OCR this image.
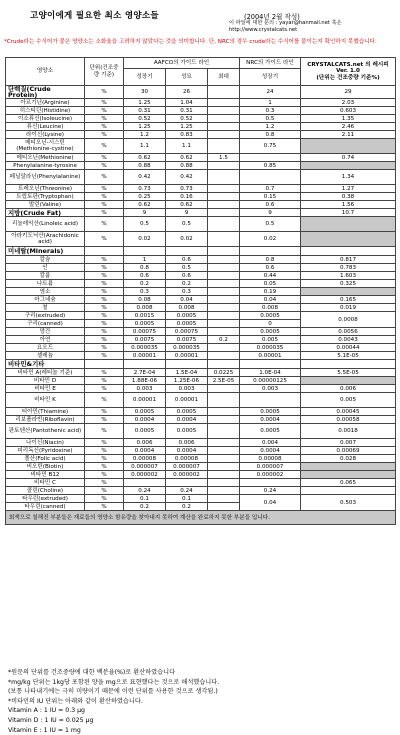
고양이에게 필요한 최소 영양소들	(2004년 2월 작성)
이 파일에 대한 문의 : yayar@hanmail.net 혹은
http://www.crystalcats.net
*Crude라는 수식어가 붙은 영양소는 소화율을 고려하지 않았다는 것을 의미합니다. 단, NRC의 경우 crude라는 수식어를 붙이는지 확인하지 못했습니다.
영양소	단위(건조중량 기준)	AAFCO의 가이드 라인			NRC의 가이드 라인	CRYSTALCATS.net 의 레시피 Ver. 1.0
(단위는 건조중량 기준%)
		성장기	성묘	최대	성장기	
단백질(Crude Protein)	%	30	26		24	29
아르기닌(Arginine)	%	1.25	1.04		1	2.03
히스티딘(Histidine)	%	0.31	0.31		0.3	0.603
이소류신(Isoleucine)	%	0.52	0.52		0.5	1.35
류신(Leucine)	%	1.25	1.25		1.2	2.46
라이신(Lysine)	%	1.2	0.83		0.8	2.11
메티오닌-시스틴(Methionine-cystine)	%	1.1	1.1		0.75	
메티오닌(Methionine)	%	0.62	0.62	1.5		0.74
Phenylalanine-tyrosine	%	0.88	0.88		0.85	
페닐알라닌(Phenylalanine)	%	0.42	0.42			1.34
트레오닌(Threonine)	%	0.73	0.73		0.7	1.27
트립토판(Tryptophan)	%	0.25	0.16		0.15	0.38
발린(Valine)	%	0.62	0.62		0.6	1.56
지방(Crude Fat)	%	9	9		9	10.7
리놀레익산(Linoleic acid)	%	0.5	0.5		0.5	
아라키도닉산(Arachidonic acid)	%	0.02	0.02		0.02	
미네랄(Minerals)						
칼슘	%	1	0.6		0.8	0.817
인	%	0.8	0.5		0.6	0.783
칼륨	%	0.6	0.6		0.44	1.603
나트륨	%	0.2	0.2		0.05	0.325
염소	%	0.3	0.3		0.19	
마그네슘	%	0.08	0.04		0.04	0.165
철	%	0.008	0.008		0.008	0.019
구리(extruded)	%	0.0015	0.0005		0.0005	0.0008
구리(canned)	%	0.0005	0.0005		0	
망간	%	0.00075	0.00075		0.0005	0.0056
아연	%	0.0075	0.0075	0.2	0.005	0.0043
요오드	%	0.000035	0.000035		0.000035	0.00044
셀레늄	%	0.00001	0.00001		0.00001	5.1E-05
비타민&기타						
비타민 A(레티놀 기준)	%	2.7E-04	1.5E-04	0.0225	1.0E-04	5.5E-05
비타민 D	%	1.88E-06	1.25E-06	2.5E-05	0.00000125	
비타민 E	%	0.003	0.003		0.003	0.006
비타민 K	%	0.00001	0.00001			0.005
티아민(Thiamine)	%	0.0005	0.0005		0.0005	0.00045
리보플라빈(Riboflavin)	%	0.0004	0.0004		0.0004	0.00058
판토텐산(Pantothenic acid)	%	0.0005	0.0005		0.0005	0.0018
나이신(Niacin)	%	0.006	0.006		0.004	0.007
피리독신(Pyridoxine)	%	0.0004	0.0004		0.0004	0.00069
폴산(Folic acid)	%	0.00008	0.00008		0.00008	0.028
비오틴(Biotin)	%	0.000007	0.000007		0.000007	
비타민 B12	%	0.000002	0.000002		0.000002	
비타민 C	%					0.065
콜린(Choline)	%	0.24	0.24		0.24	
타우린(extruded)	%	0.1	0.1		0.04	0.503
타우린(canned)	%	0.2	0.2			
회색으로 칠해진 부분들은 재료들의 영양소 함유량을 찾아내지 못하여 계산을 완료하지 못한 부분들 입니다.						
*원문의 단위를 건조중량에 대한 백분율(%)로 환산하였습니다
*mg/kg 단위는 1kg당 포함된 양을 mg으로 표현했다는 것으로 해석했습니다.
(보통 나타내기에는 극히 미량이기 때문에 이런 단위를 사용한 것으로 생각됨.)
*비타민의 IU 단위는 아래와 같이 환산하였습니다.
Vitamin A : 1 IU = 0.3 μg
Vitamin D : 1 IU = 0.025 μg
Vitamin E : 1 IU = 1 mg
